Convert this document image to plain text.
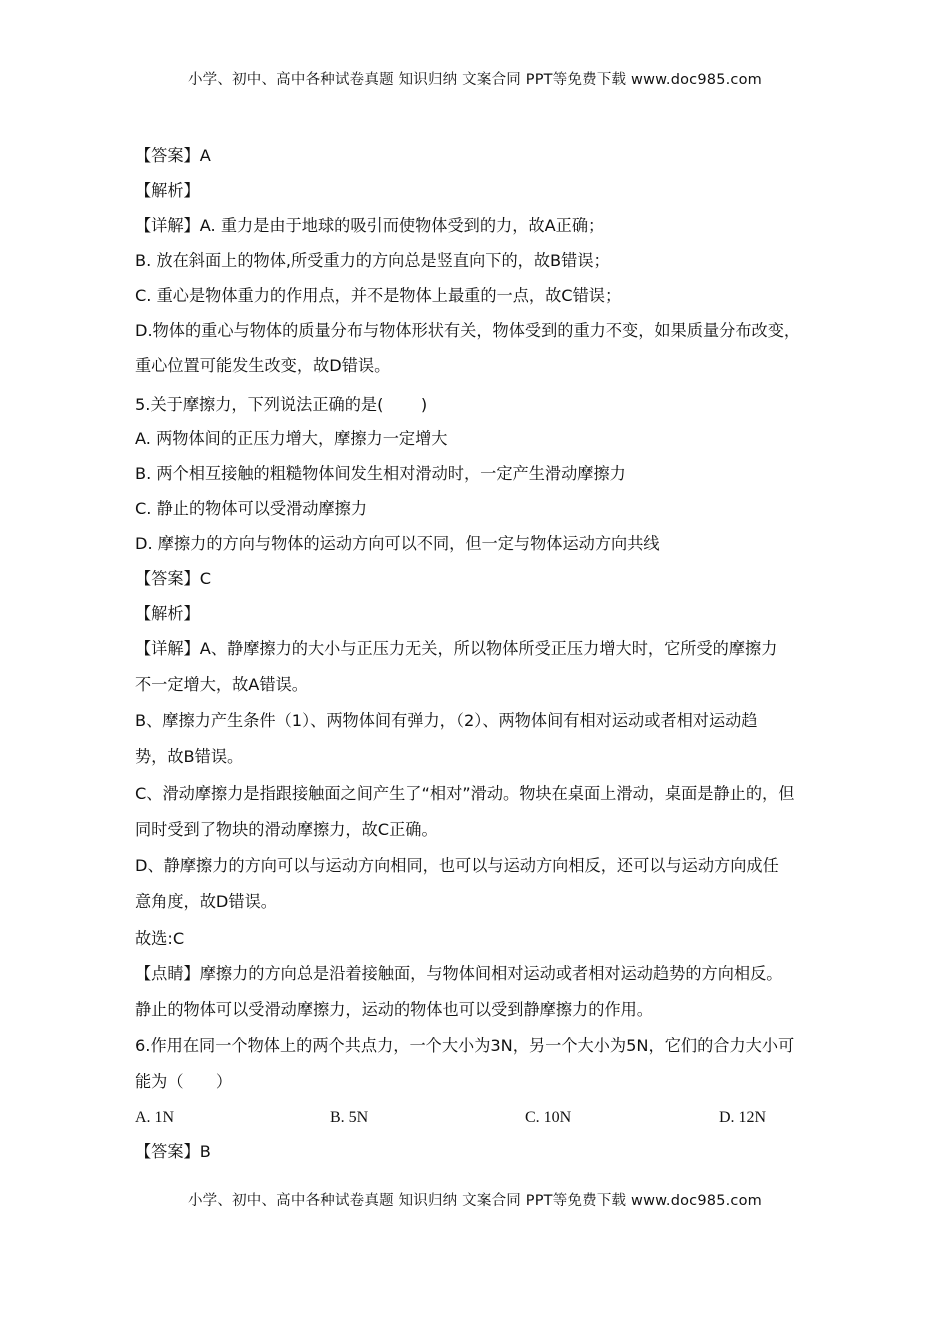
小学、初中、高中各种试卷真题 知识归纳 文案合同 PPT等免费下载 www.doc985.com
【答案】A
【解析】
【详解】A. 重力是由于地球的吸引而使物体受到的力，故A正确；
B. 放在斜面上的物体,所受重力的方向总是竖直向下的，故B错误；
C. 重心是物体重力的作用点，并不是物体上最重的一点，故C错误；
D.物体的重心与物体的质量分布与物体形状有关，物体受到的重力不变，如果质量分布改变，
重心位置可能发生改变，故D错误。
5.关于摩擦力，下列说法正确的是(　　 )
A. 两物体间的正压力增大，摩擦力一定增大
B. 两个相互接触的粗糙物体间发生相对滑动时，一定产生滑动摩擦力
C. 静止的物体可以受滑动摩擦力
D. 摩擦力的方向与物体的运动方向可以不同，但一定与物体运动方向共线
【答案】C
【解析】
【详解】A、静摩擦力的大小与正压力无关，所以物体所受正压力增大时，它所受的摩擦力
不一定增大，故A错误。
B、摩擦力产生条件（1）、两物体间有弹力，（2）、两物体间有相对运动或者相对运动趋
势，故B错误。
C、滑动摩擦力是指跟接触面之间产生了“相对”滑动。物块在桌面上滑动，桌面是静止的，但
同时受到了物块的滑动摩擦力，故C正确。
D、静摩擦力的方向可以与运动方向相同，也可以与运动方向相反，还可以与运动方向成任
意角度，故D错误。
故选:C
【点睛】摩擦力的方向总是沿着接触面，与物体间相对运动或者相对运动趋势的方向相反。
静止的物体可以受滑动摩擦力，运动的物体也可以受到静摩擦力的作用。
6.作用在同一个物体上的两个共点力，一个大小为3N，另一个大小为5N，它们的合力大小可
能为（　　）
A. 1N	B. 5N	C. 10N	D. 12N
【答案】B
小学、初中、高中各种试卷真题 知识归纳 文案合同 PPT等免费下载 www.doc985.com
